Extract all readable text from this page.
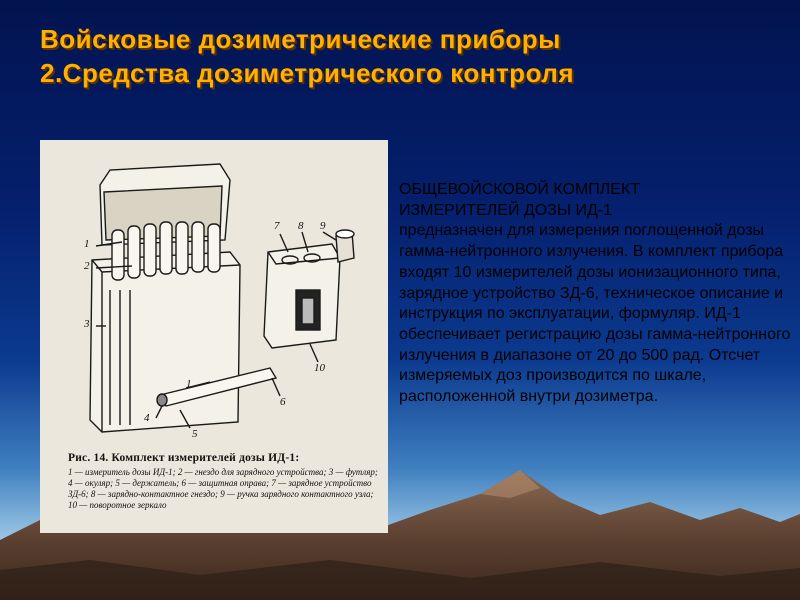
Войсковые дозиметрические приборы
2.Средства дозиметрического контроля
1
2
3
7 8 9
10
1
6
4
5

Рис. 14. Комплект измерителей дозы ИД-1:

1 — измеритель дозы ИД-1; 2 — гнездо для зарядного устройства; 3 — футляр; 4 — окуляр; 5 — держатель; 6 — защитная оправа; 7 — зарядное устройство ЗД-6; 8 — зарядно-контактное гнездо; 9 — ручка зарядного контактного узла; 10 — поворотное зеркало

ОБЩЕВОЙСКОВОЙ КОМПЛЕКТ
ИЗМЕРИТЕЛЕЙ ДОЗЫ ИД-1
предназначен для измерения поглощенной дозы гамма-нейтронного излучения. В комплект прибора входят 10 измерителей дозы ионизационного типа, зарядное устройство ЗД-6, техническое описание и инструкция по эксплуатации, формуляр. ИД-1 обеспечивает регистрацию дозы гамма-нейтронного излучения в диапазоне от 20 до 500 рад. Отсчет измеряемых доз производится по шкале, расположенной внутри дозиметра.
